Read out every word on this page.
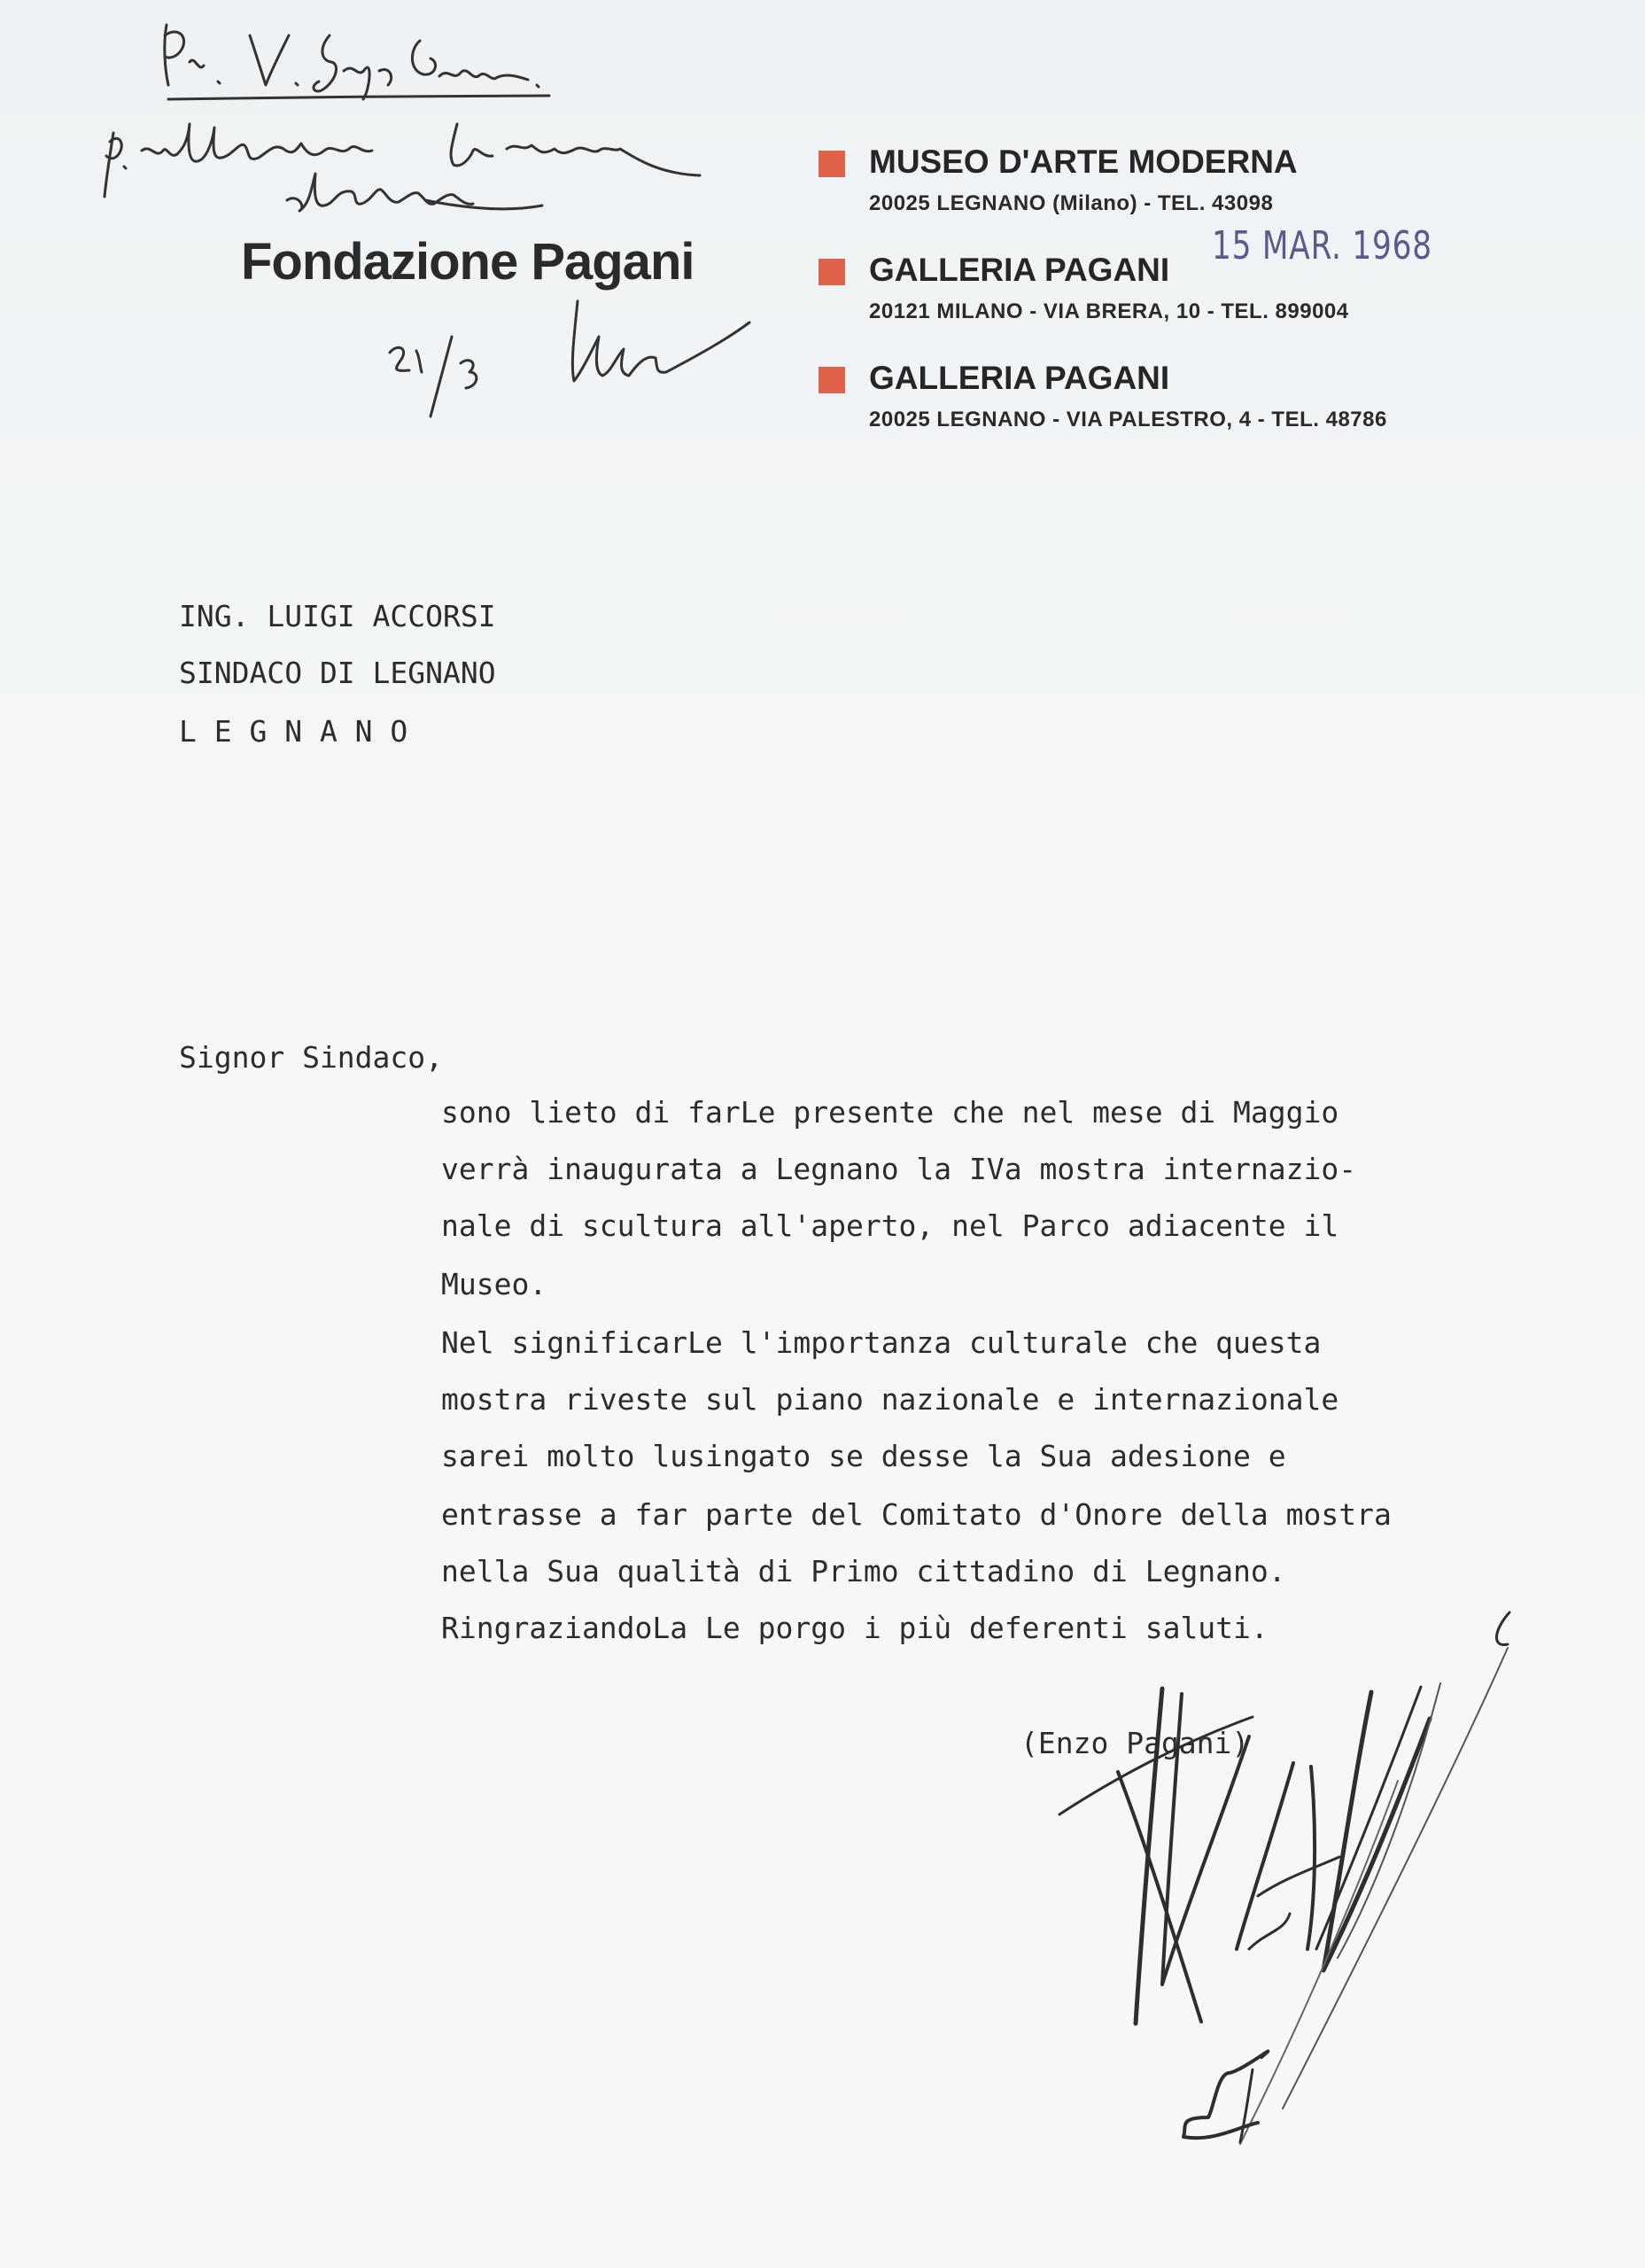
Fondazione Pagani
MUSEO D'ARTE MODERNA
20025 LEGNANO (Milano) - TEL. 43098
GALLERIA PAGANI
20121 MILANO - VIA BRERA, 10 - TEL. 899004
GALLERIA PAGANI
20025 LEGNANO - VIA PALESTRO, 4 - TEL. 48786
15 MAR. 1968
ING. LUIGI ACCORSI
SINDACO DI LEGNANO
L E G N A N O
Signor Sindaco,
sono lieto di farLe presente che nel mese di Maggio
verrà inaugurata a Legnano la IVa mostra internazio-
nale di scultura all'aperto, nel Parco adiacente il
Museo.
Nel significarLe l'importanza culturale che questa
mostra riveste sul piano nazionale e internazionale
sarei molto lusingato se desse la Sua adesione e
entrasse a far parte del Comitato d'Onore della mostra
nella Sua qualità di Primo cittadino di Legnano.
RingraziandoLa Le porgo i più deferenti saluti.
(Enzo Pagani)
